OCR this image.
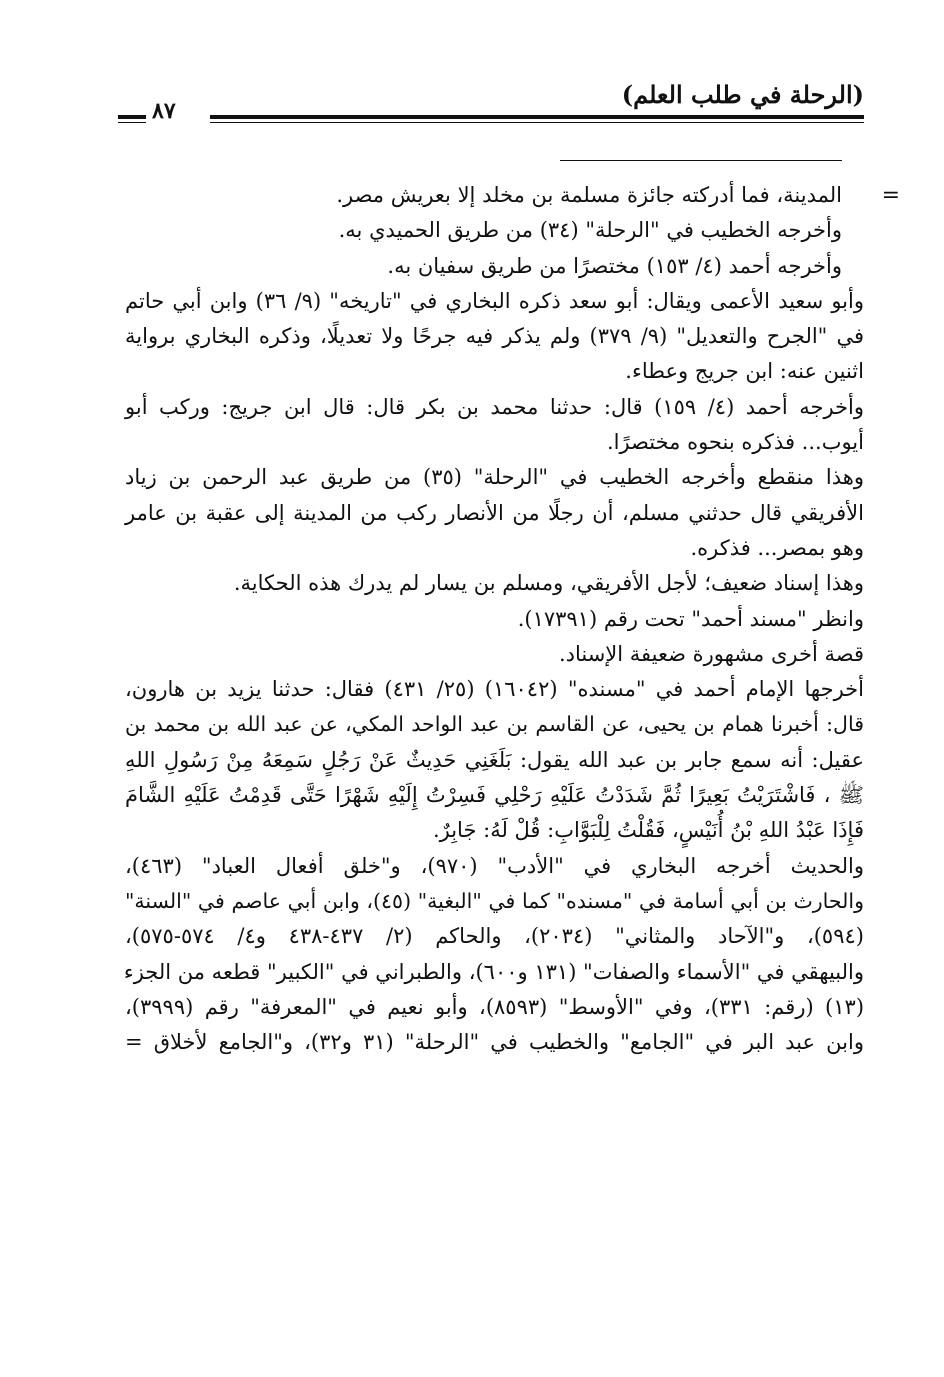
(الرحلة في طلب العلم)
٨٧
=
المدينة، فما أدركته جائزة مسلمة بن مخلد إلا بعريش مصر.
وأخرجه الخطيب في "الرحلة" (٣٤) من طريق الحميدي به.
وأخرجه أحمد (٤/ ١٥٣) مختصرًا من طريق سفيان به.
وأبو سعيد الأعمى ويقال: أبو سعد ذكره البخاري في "تاريخه" (٩/ ٣٦) وابن أبي حاتم
في "الجرح والتعديل" (٩/ ٣٧٩) ولم يذكر فيه جرحًا ولا تعديلًا، وذكره البخاري برواية
اثنين عنه: ابن جريج وعطاء.
وأخرجه أحمد (٤/ ١٥٩) قال: حدثنا محمد بن بكر قال: قال ابن جريج: وركب أبو
أيوب... فذكره بنحوه مختصرًا.
وهذا منقطع وأخرجه الخطيب في "الرحلة" (٣٥) من طريق عبد الرحمن بن زياد
الأفريقي قال حدثني مسلم، أن رجلًا من الأنصار ركب من المدينة إلى عقبة بن عامر
وهو بمصر... فذكره.
وهذا إسناد ضعيف؛ لأجل الأفريقي، ومسلم بن يسار لم يدرك هذه الحكاية.
وانظر "مسند أحمد" تحت رقم (١٧٣٩١).
قصة أخرى مشهورة ضعيفة الإسناد.
أخرجها الإمام أحمد في "مسنده" (١٦٠٤٢) (٢٥/ ٤٣١) فقال: حدثنا يزيد بن هارون،
قال: أخبرنا همام بن يحيى، عن القاسم بن عبد الواحد المكي، عن عبد الله بن محمد بن
عقيل: أنه سمع جابر بن عبد الله يقول: بَلَغَنِي حَدِيثٌ عَنْ رَجُلٍ سَمِعَهُ مِنْ رَسُولِ اللهِ
ﷺ ، فَاشْتَرَيْتُ بَعِيرًا ثُمَّ شَدَدْتُ عَلَيْهِ رَحْلِي فَسِرْتُ إِلَيْهِ شَهْرًا حَتَّى قَدِمْتُ عَلَيْهِ الشَّامَ
فَإِذَا عَبْدُ اللهِ بْنُ أُنَيْسٍ، فَقُلْتُ لِلْبَوَّابِ: قُلْ لَهُ: جَابِرٌ.
والحديث أخرجه البخاري في "الأدب" (٩٧٠)، و"خلق أفعال العباد" (٤٦٣)،
والحارث بن أبي أسامة في "مسنده" كما في "البغية" (٤٥)، وابن أبي عاصم في "السنة"
(٥٩٤)، و"الآحاد والمثاني" (٢٠٣٤)، والحاكم (٢/ ٤٣٧-٤٣٨ و٤/ ٥٧٤-٥٧٥)،
والبيهقي في "الأسماء والصفات" (١٣١ و٦٠٠)، والطبراني في "الكبير" قطعه من الجزء
(١٣) (رقم: ٣٣١)، وفي "الأوسط" (٨٥٩٣)، وأبو نعيم في "المعرفة" رقم (٣٩٩٩)،
وابن عبد البر في "الجامع" والخطيب في "الرحلة" (٣١ و٣٢)، و"الجامع لأخلاق =
